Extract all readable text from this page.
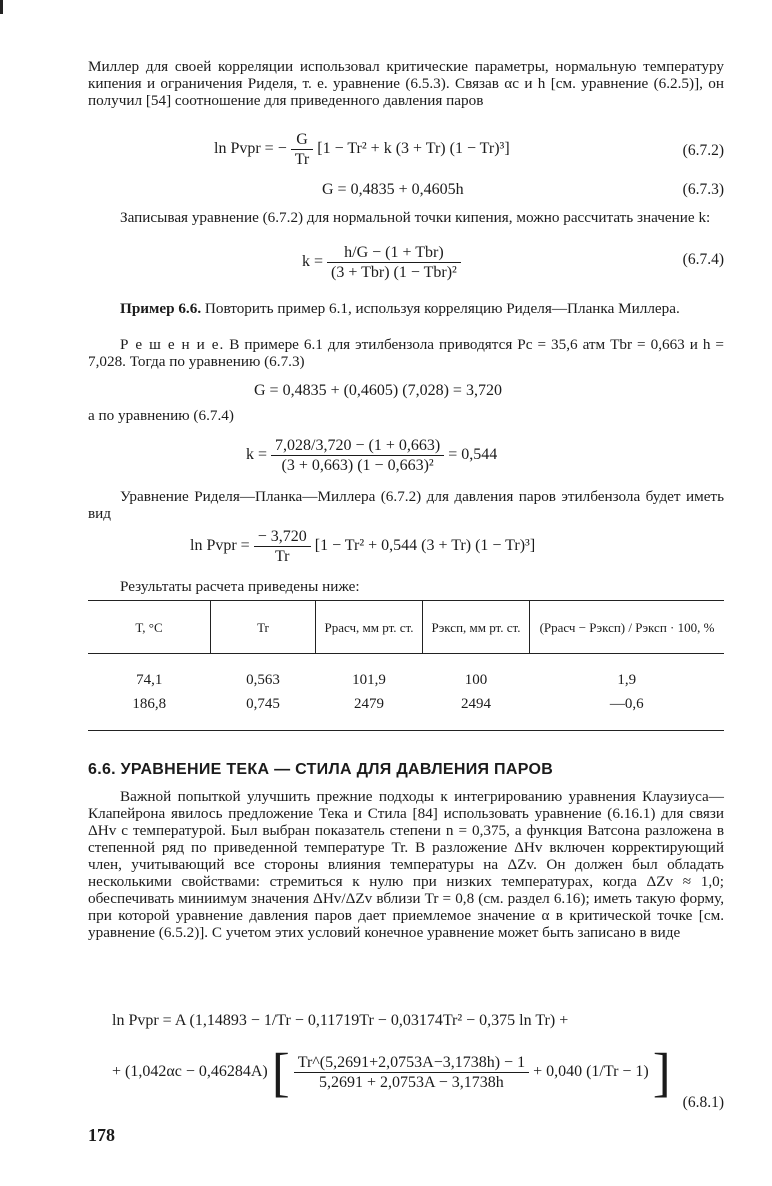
Миллер для своей корреляции использовал критические параметры, нормальную температуру кипения и ограничения Риделя, т. е. уравнение (6.5.3). Связав αc и h [см. уравнение (6.2.5)], он получил [54] соотношение для приведенного давления паров

ln Pvpr = − $\frac{G}{Tr} [1 - Tr^2 + k$ (3 + Tr) (1 − Tr)³]	(6.7.2)
G = 0,4835 + 0,4605h	(6.7.3)

Записывая уравнение (6.7.2) для нормальной точки кипения, можно рассчитать значение k:

$k = \frac{\text{h/G − (1 + Tbr)}}{\text{(3 + Tbr) (1 − Tbr)²}}$	(6.7.4)

Пример 6.6. Повторить пример 6.1, используя корреляцию Риделя—Планка Миллера.

Р е ш е н и е. В примере 6.1 для этилбензола приводятся Pc = 35,6 атм Tbr = 0,663 и h = 7,028. Тогда по уравнению (6.7.3)

G = 0,4835 + (0,4605) (7,028) = 3,720
а по уравнению (6.7.4)
$k = \frac{7,028/3,720 - (1 + 0,663)}{\text{(3 + 0,663) (1 − 0,663)²}} = 0,544$

Уравнение Риделя—Планка—Миллера (6.7.2) для давления паров этилбензола будет иметь вид

ln Pvpr = $\frac{- 3,720}{Tr} [1 - Tr^2 + 0,544$ (3 + Tr) (1 − Tr)³]
Результаты расчета приведены ниже:
T, °C	Tr	Pрасч, мм рт. ст.	Pэксп, мм рт. ст.	(Pрасч − Pэксп) / Pэксп · 100, %
74,1	0,563	101,9	100	1,9
186,8	0,745	2479	2494	—0,6
6.6. УРАВНЕНИЕ ТЕКА — СТИЛА ДЛЯ ДАВЛЕНИЯ ПАРОВ

Важной попыткой улучшить прежние подходы к интегрированию уравнения Клаузиуса—Клапейрона явилось предложение Тека и Стила [84] использовать уравнение (6.16.1) для связи ΔHv с температурой. Был выбран показатель степени n = 0,375, а функция Ватсона разложена в степенной ряд по приведенной температуре Tr. В разложение ΔHv включен корректирующий член, учитывающий все стороны влияния температуры на ΔZv. Он должен был обладать несколькими свойствами: стремиться к нулю при низких температурах, когда ΔZv ≈ 1,0; обеспечивать миниимум значения ΔHv/ΔZv вблизи Tr = 0,8 (см. раздел 6.16); иметь такую форму, при которой уравнение давления паров дает приемлемое значение α в критической точке [см. уравнение (6.5.2)]. С учетом этих условий конечное уравнение может быть записано в виде

ln Pvpr = A (1,14893 − 1/Tr − 0,11719Tr − 0,03174Tr² − 0,375 ln Tr) +
+ (1,042αc − 0,46284A) [ $\frac{Tr\^{}(5,2691+2,0753A-3,1738h) - 1}{5,2691 + 2,0753A - 3,1738h} + 0,040$ (1/Tr − 1) ] (6.8.1)
178
